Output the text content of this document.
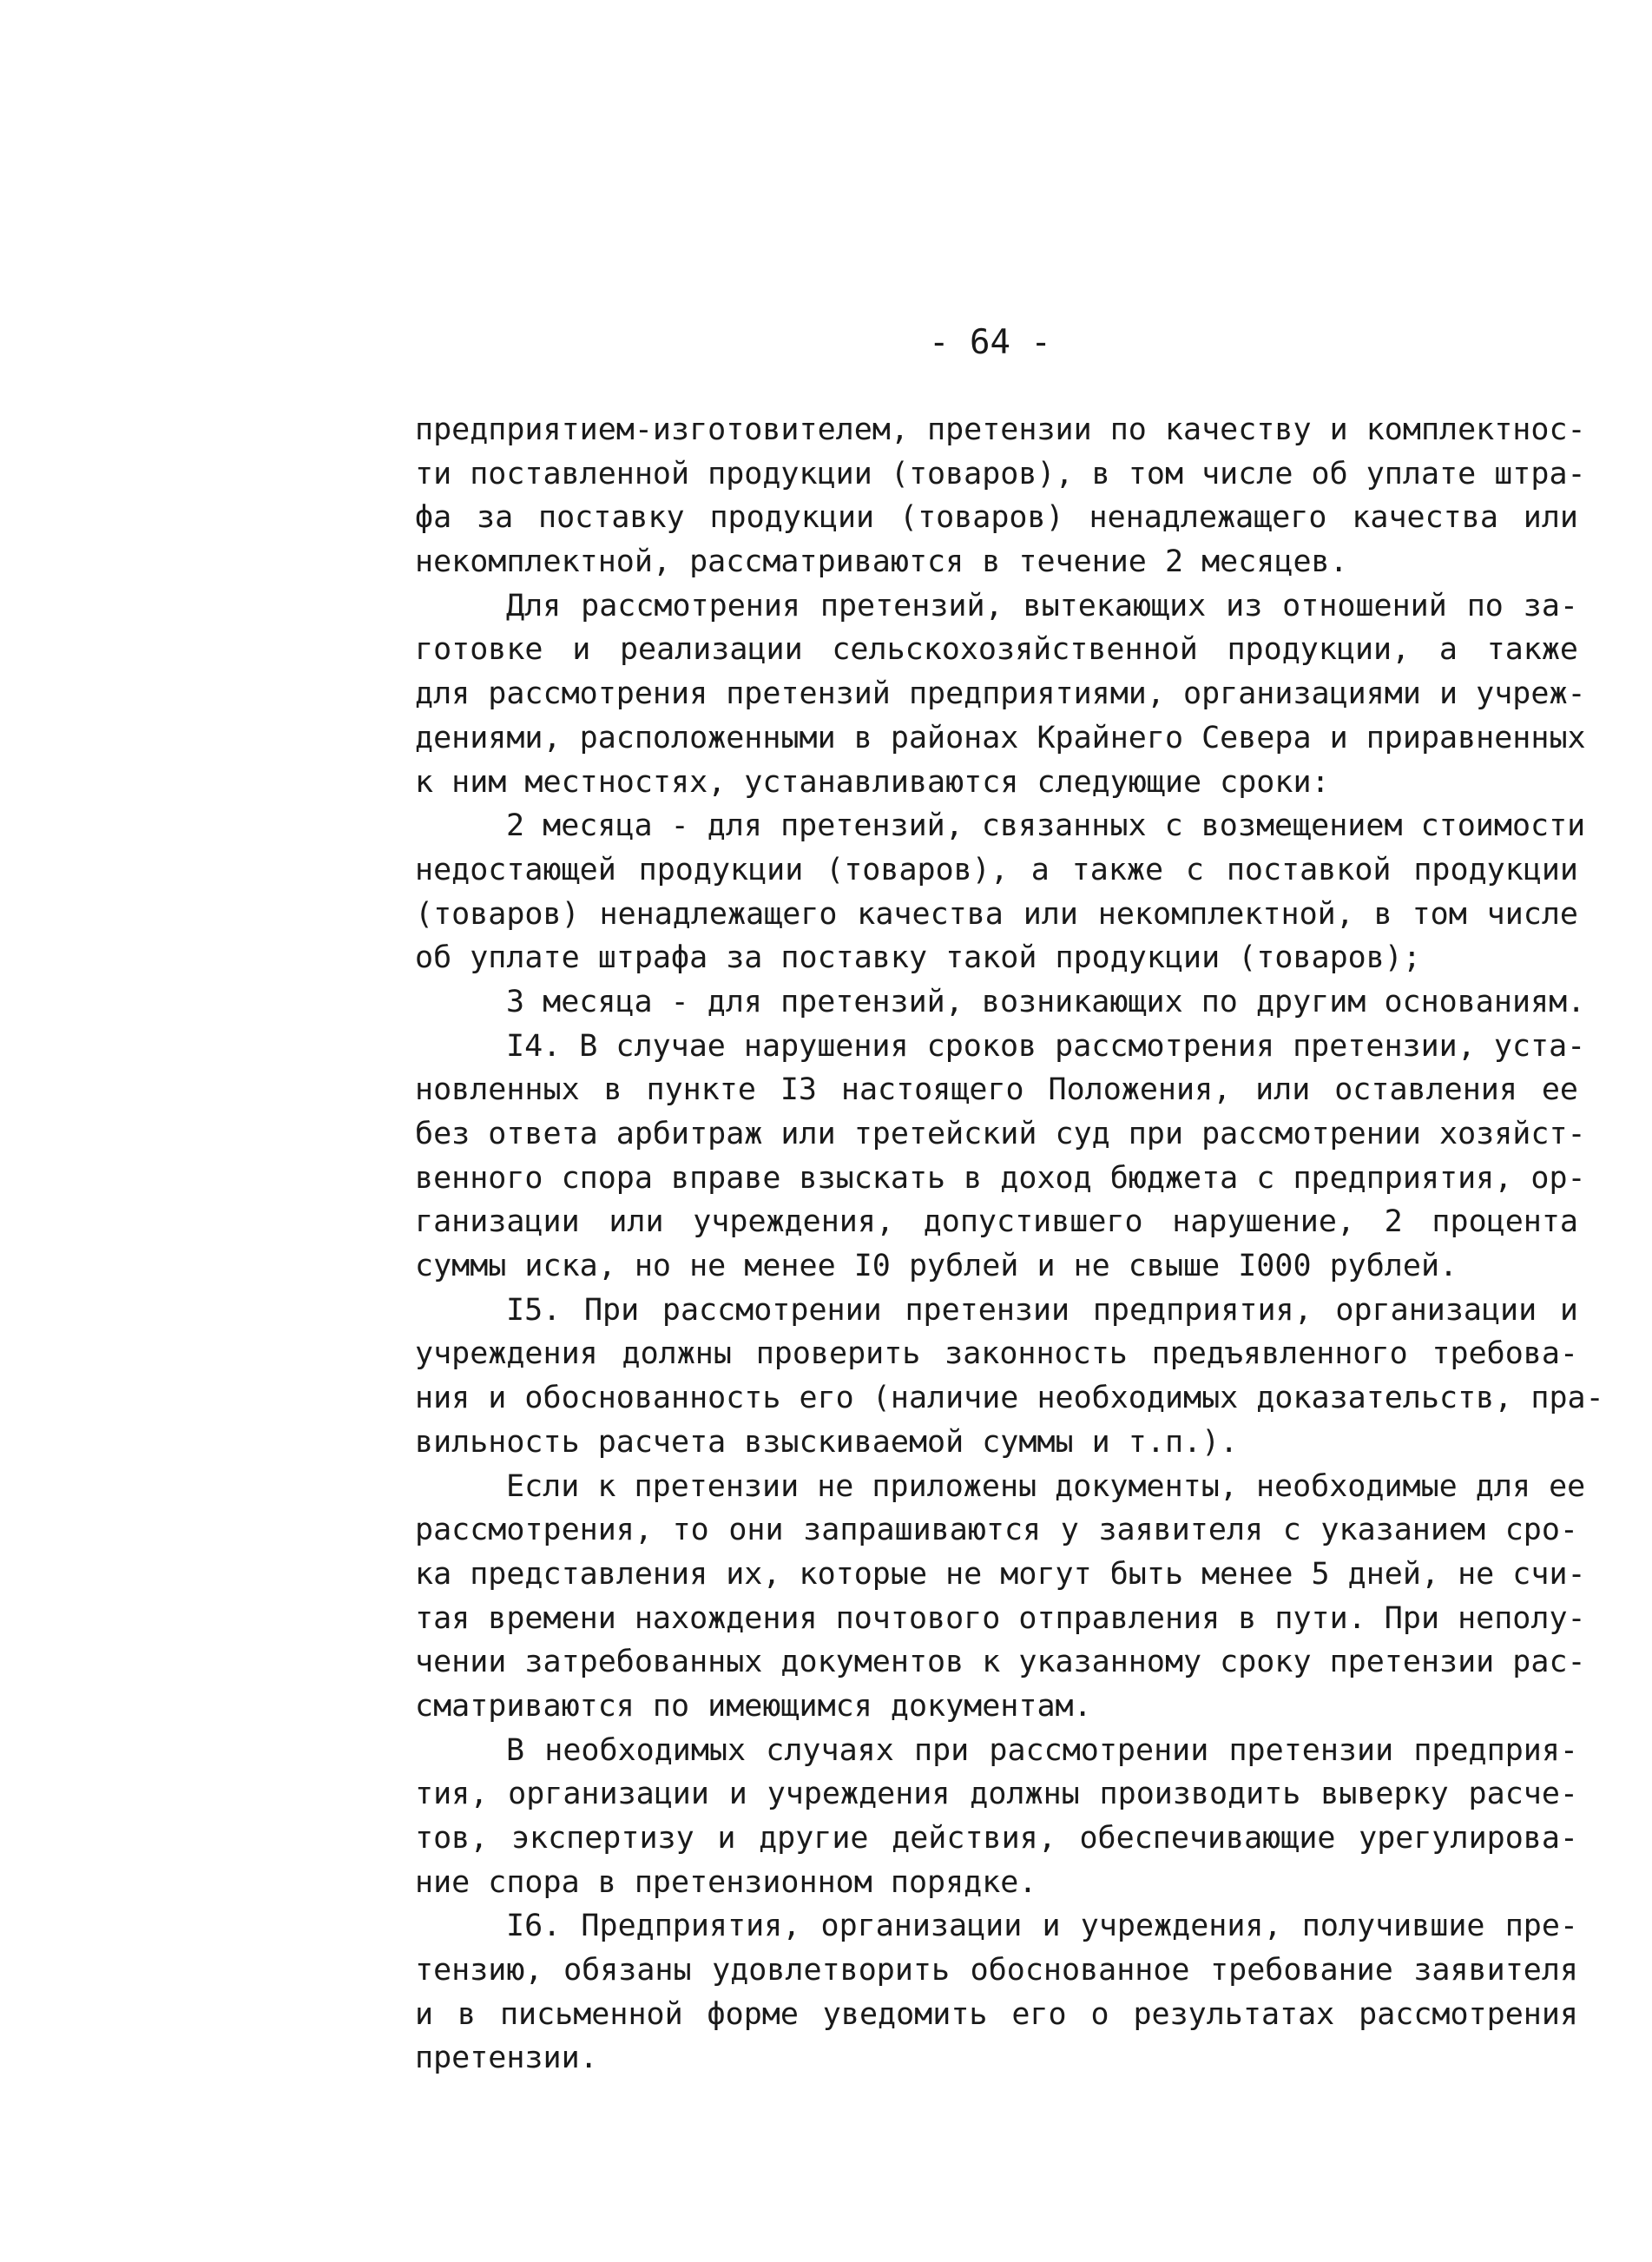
- 64 -
предприятием-изготовителем, претензии по качеству и комплектнос-
ти поставленной продукции (товаров), в том числе об уплате штра-
фа за поставку продукции (товаров) ненадлежащего качества или
некомплектной, рассматриваются в течение 2 месяцев.
Для рассмотрения претензий, вытекающих из отношений по за-
готовке и реализации сельскохозяйственной продукции, а также
для рассмотрения претензий предприятиями, организациями и учреж-
дениями, расположенными в районах Крайнего Севера и приравненных
к ним местностях, устанавливаются следующие сроки:
2 месяца - для претензий, связанных с возмещением стоимости
недостающей продукции (товаров), а также с поставкой продукции
(товаров) ненадлежащего качества или некомплектной, в том числе
об уплате штрафа за поставку такой продукции (товаров);
3 месяца - для претензий, возникающих по другим основаниям.
I4. В случае нарушения сроков рассмотрения претензии, уста-
новленных в пункте I3 настоящего Положения, или оставления ее
без ответа арбитраж или третейский суд при рассмотрении хозяйст-
венного спора вправе взыскать в доход бюджета с предприятия, ор-
ганизации или учреждения, допустившего нарушение, 2 процента
суммы иска, но не менее I0 рублей и не свыше I000 рублей.
I5. При рассмотрении претензии предприятия, организации и
учреждения должны проверить законность предъявленного требова-
ния и обоснованность его (наличие необходимых доказательств, пра-
вильность расчета взыскиваемой суммы и т.п.).
Если к претензии не приложены документы, необходимые для ее
рассмотрения, то они запрашиваются у заявителя с указанием сро-
ка представления их, которые не могут быть менее 5 дней, не счи-
тая времени нахождения почтового отправления в пути. При неполу-
чении затребованных документов к указанному сроку претензии рас-
сматриваются по имеющимся документам.
В необходимых случаях при рассмотрении претензии предприя-
тия, организации и учреждения должны производить выверку расче-
тов, экспертизу и другие действия, обеспечивающие урегулирова-
ние спора в претензионном порядке.
I6. Предприятия, организации и учреждения, получившие пре-
тензию, обязаны удовлетворить обоснованное требование заявителя
и в письменной форме уведомить его о результатах рассмотрения
претензии.
